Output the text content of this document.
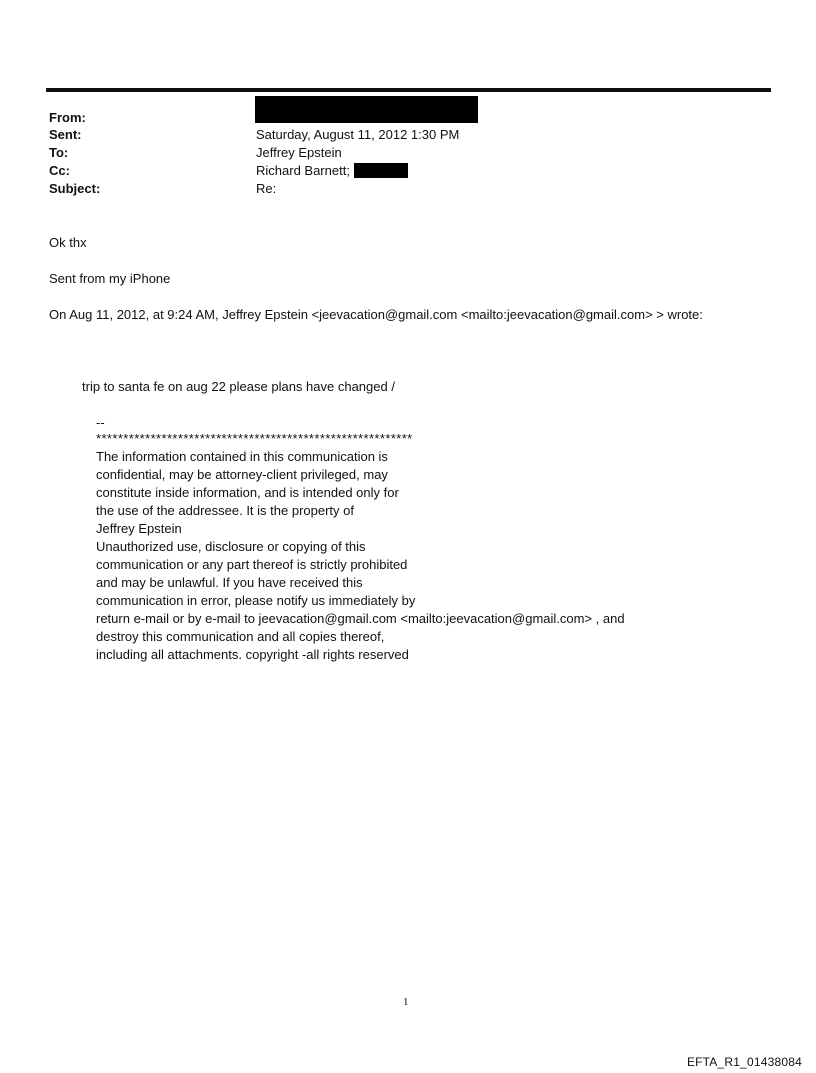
From:
Sent:	Saturday, August 11, 2012 1:30 PM
To:	Jeffrey Epstein
Cc:	Richard Barnett;
Subject:	Re:
Ok thx
Sent from my iPhone
On Aug 11, 2012, at 9:24 AM, Jeffrey Epstein <jeevacation@gmail.com <mailto:jeevacation@gmail.com> > wrote:
trip to santa fe on aug 22 please plans have changed /
--
**********************************************************
The information contained in this communication is
confidential, may be attorney-client privileged, may
constitute inside information, and is intended only for
the use of the addressee. It is the property of
Jeffrey Epstein
Unauthorized use, disclosure or copying of this
communication or any part thereof is strictly prohibited
and may be unlawful. If you have received this
communication in error, please notify us immediately by
return e-mail or by e-mail to jeevacation@gmail.com <mailto:jeevacation@gmail.com> , and
destroy this communication and all copies thereof,
including all attachments. copyright -all rights reserved
1
EFTA_R1_01438084
